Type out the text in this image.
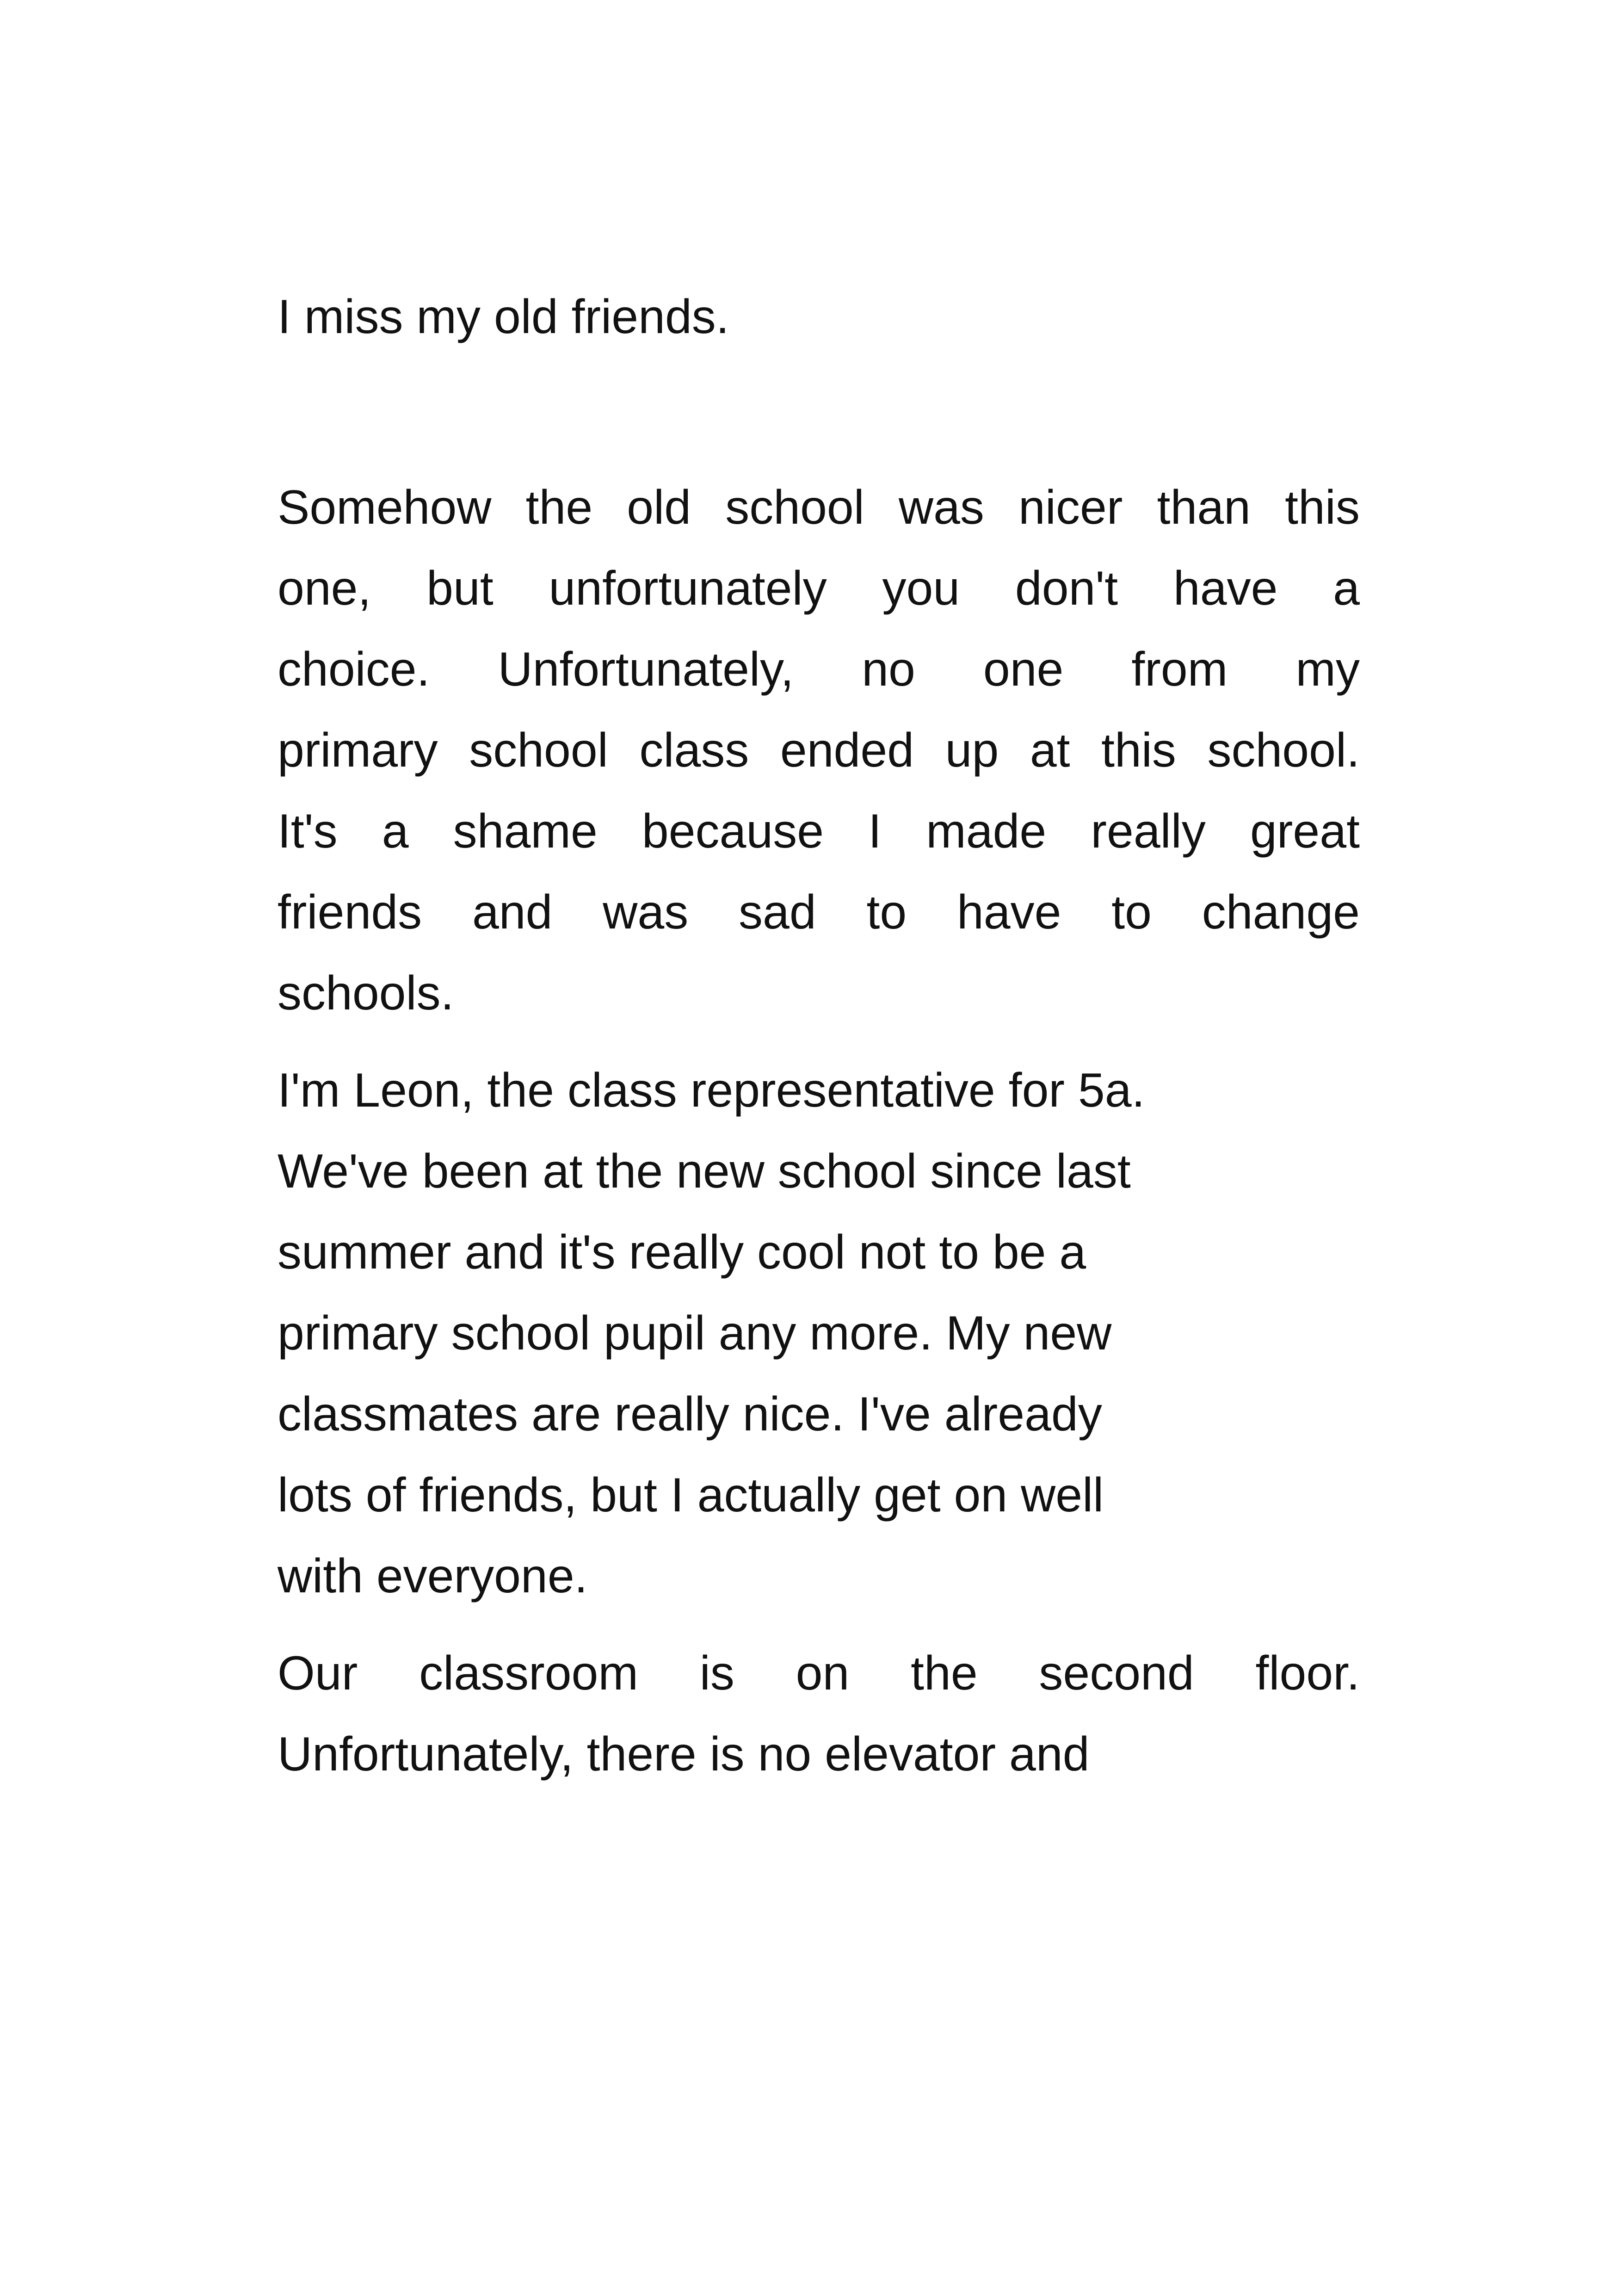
I miss my old friends.

Somehow the old school was nicer than this
one, but unfortunately you don't have a
choice. Unfortunately, no one from my
primary school class ended up at this school.
It's a shame because I made really great
friends and was sad to have to change
schools.
I'm Leon, the class representative for 5a.
We've been at the new school since last
summer and it's really cool not to be a
primary school pupil any more. My new
classmates are really nice. I've already
lots of friends, but I actually get on well
with everyone.
Our classroom is on the second floor.
Unfortunately, there is no elevator and
